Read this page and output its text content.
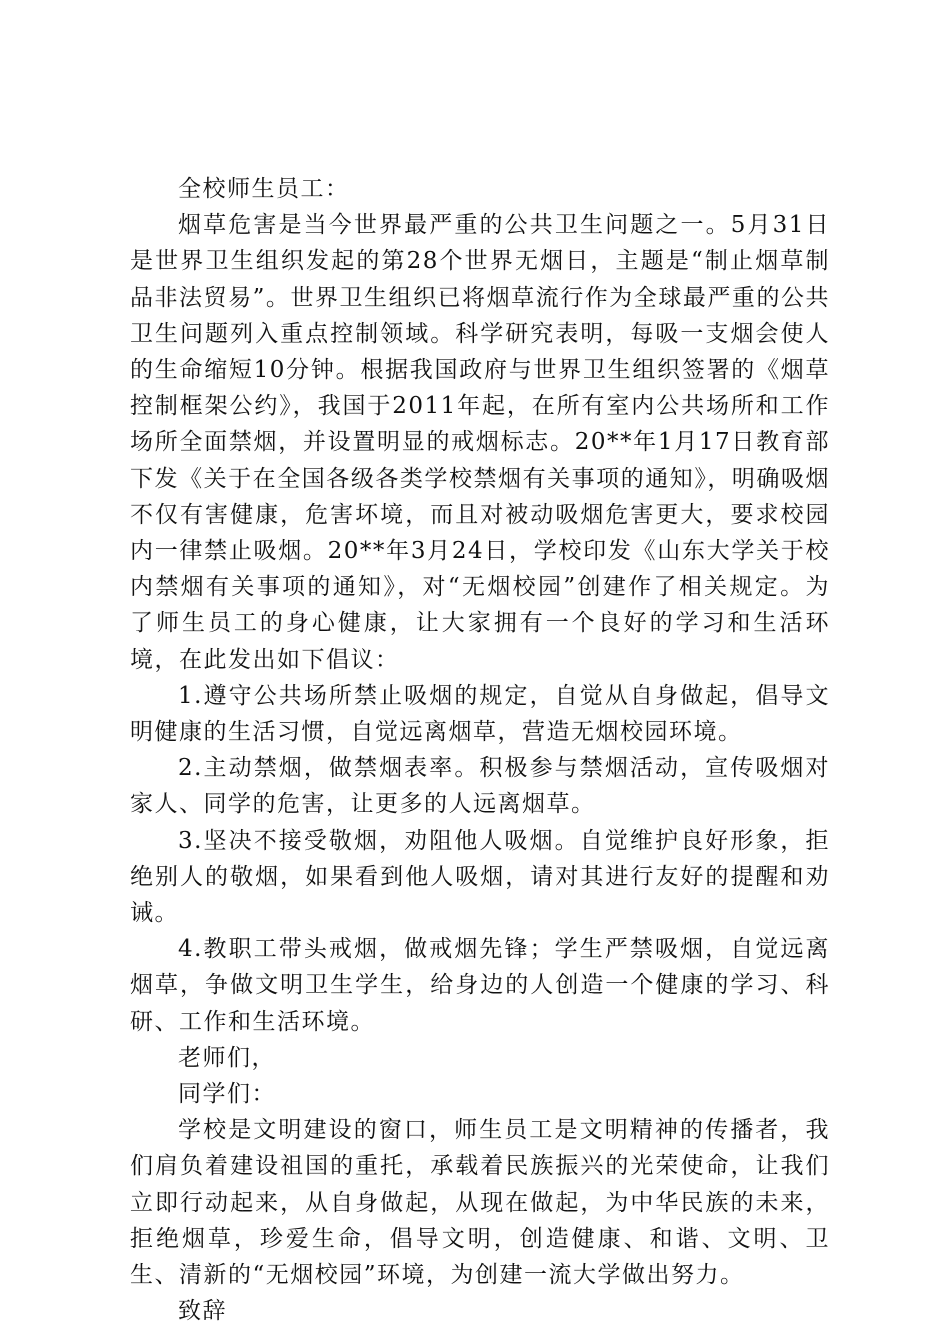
全校师生员工：

烟草危害是当今世界最严重的公共卫生问题之一。5月31日是世界卫生组织发起的第28个世界无烟日，主题是“制止烟草制品非法贸易”。世界卫生组织已将烟草流行作为全球最严重的公共卫生问题列入重点控制领域。科学研究表明，每吸一支烟会使人的生命缩短10分钟。根据我国政府与世界卫生组织签署的《烟草控制框架公约》，我国于2011年起，在所有室内公共场所和工作场所全面禁烟，并设置明显的戒烟标志。20**年1月17日教育部下发《关于在全国各级各类学校禁烟有关事项的通知》，明确吸烟不仅有害健康，危害坏境，而且对被动吸烟危害更大，要求校园内一律禁止吸烟。20**年3月24日，学校印发《山东大学关于校内禁烟有关事项的通知》，对“无烟校园”创建作了相关规定。为了师生员工的身心健康，让大家拥有一个良好的学习和生活环境，在此发出如下倡议：

1.遵守公共场所禁止吸烟的规定，自觉从自身做起，倡导文明健康的生活习惯，自觉远离烟草，营造无烟校园环境。

2.主动禁烟，做禁烟表率。积极参与禁烟活动，宣传吸烟对家人、同学的危害，让更多的人远离烟草。

3.坚决不接受敬烟，劝阻他人吸烟。自觉维护良好形象，拒绝别人的敬烟，如果看到他人吸烟，请对其进行友好的提醒和劝诫。

4.教职工带头戒烟，做戒烟先锋；学生严禁吸烟，自觉远离烟草，争做文明卫生学生，给身边的人创造一个健康的学习、科研、工作和生活环境。

老师们，

同学们：

学校是文明建设的窗口，师生员工是文明精神的传播者，我们肩负着建设祖国的重托，承载着民族振兴的光荣使命，让我们立即行动起来，从自身做起，从现在做起，为中华民族的未来，拒绝烟草，珍爱生命，倡导文明，创造健康、和谐、文明、卫生、清新的“无烟校园”环境，为创建一流大学做出努力。

致辞
